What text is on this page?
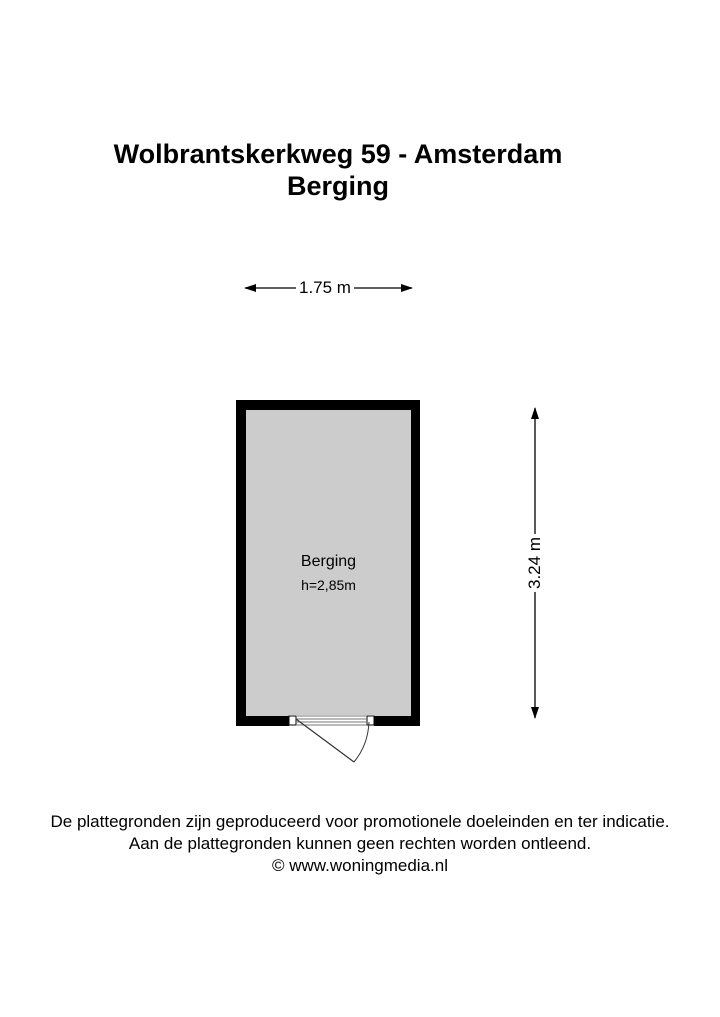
Wolbrantskerkweg 59 - Amsterdam
Berging
1.75 m
3.24 m
Berging
h=2,85m
De plattegronden zijn geproduceerd voor promotionele doeleinden en ter indicatie.
Aan de plattegronden kunnen geen rechten worden ontleend.
© www.woningmedia.nl
